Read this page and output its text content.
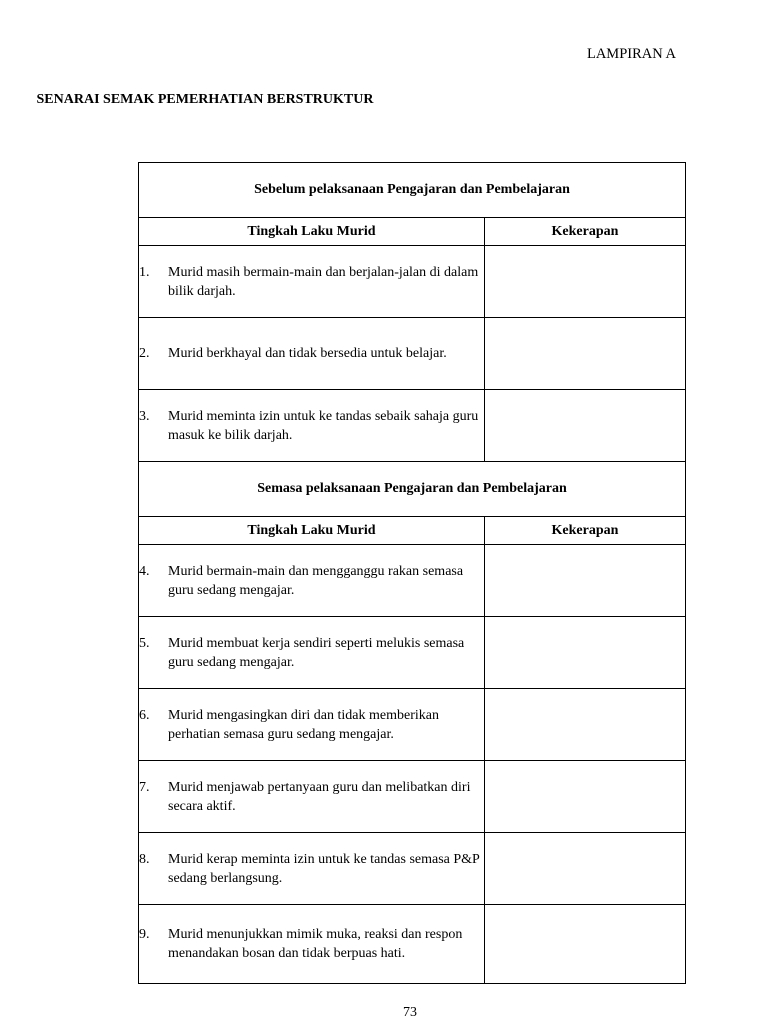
LAMPIRAN A
SENARAI SEMAK PEMERHATIAN BERSTRUKTUR
Sebelum pelaksanaan Pengajaran dan Pembelajaran	
Tingkah Laku Murid	Kekerapan

1. Murid masih bermain-main dan berjalan-jalan di dalam bilik darjah.	

2. Murid berkhayal dan tidak bersedia untuk belajar.	

3. Murid meminta izin untuk ke tandas sebaik sahaja guru masuk ke bilik darjah.	

Semasa pelaksanaan Pengajaran dan Pembelajaran	
Tingkah Laku Murid	Kekerapan

4. Murid bermain-main dan mengganggu rakan semasa guru sedang mengajar.	

5. Murid membuat kerja sendiri seperti melukis semasa guru sedang mengajar.	

6. Murid mengasingkan diri dan tidak memberikan perhatian semasa guru sedang mengajar.	

7. Murid menjawab pertanyaan guru dan melibatkan diri secara aktif.	

8. Murid kerap meminta izin untuk ke tandas semasa P&P sedang berlangsung.	

9. Murid menunjukkan mimik muka, reaksi dan respon menandakan bosan dan tidak berpuas hati.	

73
